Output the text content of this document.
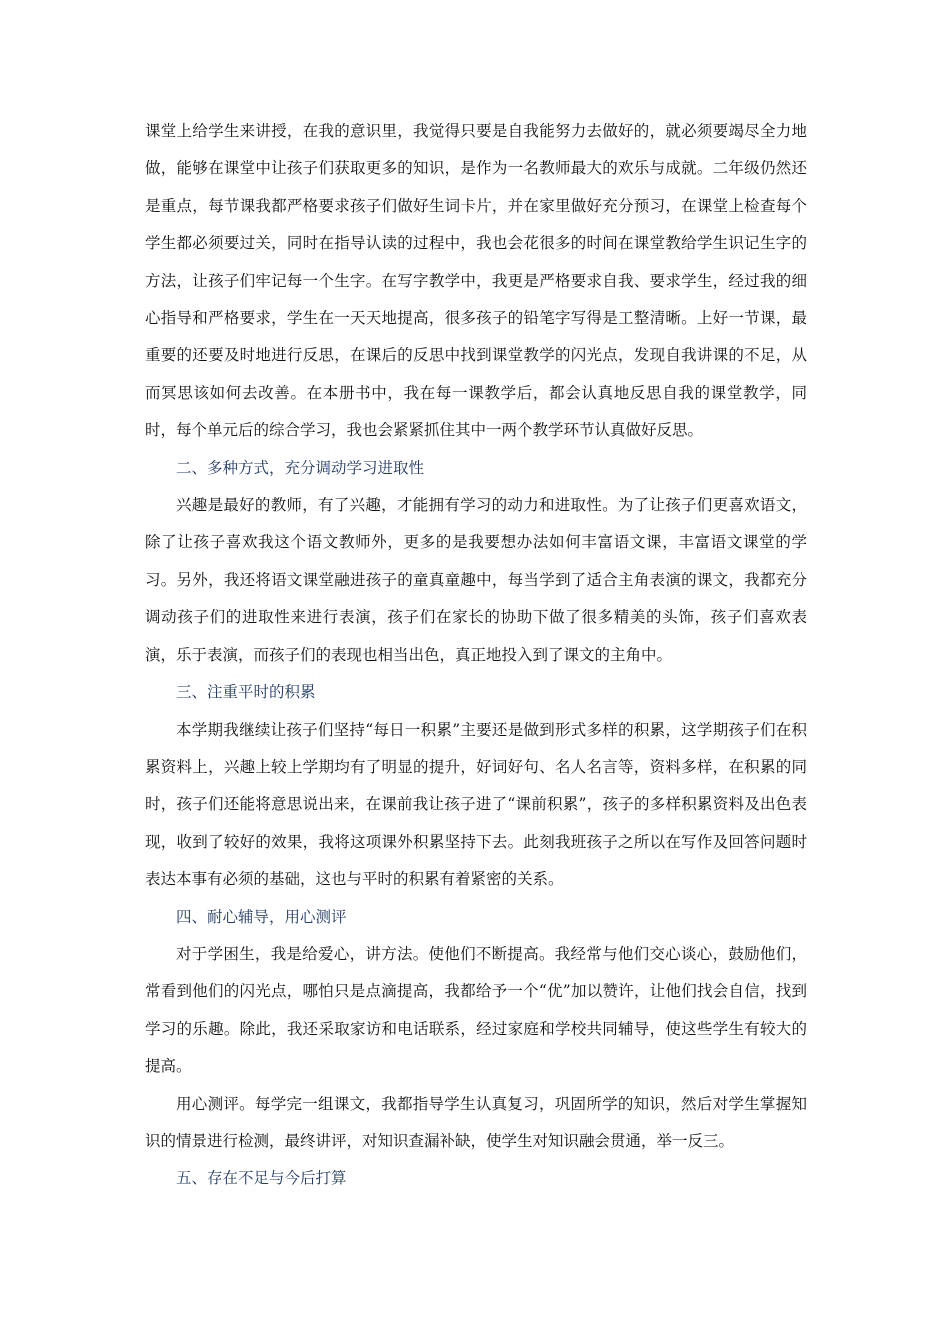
课堂上给学生来讲授，在我的意识里，我觉得只要是自我能努力去做好的，就必须要竭尽全力地做，能够在课堂中让孩子们获取更多的知识，是作为一名教师最大的欢乐与成就。二年级仍然还是重点，每节课我都严格要求孩子们做好生词卡片，并在家里做好充分预习，在课堂上检查每个学生都必须要过关，同时在指导认读的过程中，我也会花很多的时间在课堂教给学生识记生字的方法，让孩子们牢记每一个生字。在写字教学中，我更是严格要求自我、要求学生，经过我的细心指导和严格要求，学生在一天天地提高，很多孩子的铅笔字写得是工整清晰。上好一节课，最重要的还要及时地进行反思，在课后的反思中找到课堂教学的闪光点，发现自我讲课的不足，从而冥思该如何去改善。在本册书中，我在每一课教学后，都会认真地反思自我的课堂教学，同时，每个单元后的综合学习，我也会紧紧抓住其中一两个教学环节认真做好反思。

二、多种方式，充分调动学习进取性

兴趣是最好的教师，有了兴趣，才能拥有学习的动力和进取性。为了让孩子们更喜欢语文，除了让孩子喜欢我这个语文教师外，更多的是我要想办法如何丰富语文课，丰富语文课堂的学习。另外，我还将语文课堂融进孩子的童真童趣中，每当学到了适合主角表演的课文，我都充分调动孩子们的进取性来进行表演，孩子们在家长的协助下做了很多精美的头饰，孩子们喜欢表演，乐于表演，而孩子们的表现也相当出色，真正地投入到了课文的主角中。

三、注重平时的积累

本学期我继续让孩子们坚持“每日一积累”主要还是做到形式多样的积累，这学期孩子们在积累资料上，兴趣上较上学期均有了明显的提升，好词好句、名人名言等，资料多样，在积累的同时，孩子们还能将意思说出来，在课前我让孩子进了“课前积累”，孩子的多样积累资料及出色表现，收到了较好的效果，我将这项课外积累坚持下去。此刻我班孩子之所以在写作及回答问题时表达本事有必须的基础，这也与平时的积累有着紧密的关系。

四、耐心辅导，用心测评

对于学困生，我是给爱心，讲方法。使他们不断提高。我经常与他们交心谈心，鼓励他们，常看到他们的闪光点，哪怕只是点滴提高，我都给予一个“优”加以赞许，让他们找会自信，找到学习的乐趣。除此，我还采取家访和电话联系，经过家庭和学校共同辅导，使这些学生有较大的提高。

用心测评。每学完一组课文，我都指导学生认真复习，巩固所学的知识，然后对学生掌握知识的情景进行检测，最终讲评，对知识查漏补缺，使学生对知识融会贯通，举一反三。

五、存在不足与今后打算
